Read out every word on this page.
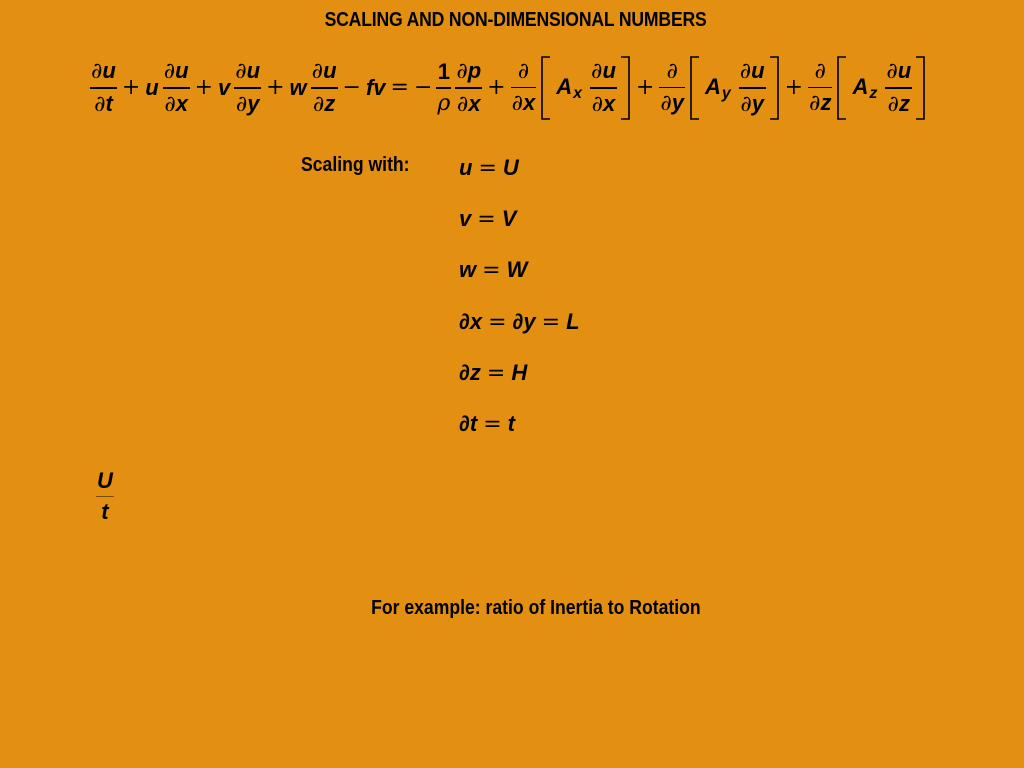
SCALING AND NON-DIMENSIONAL NUMBERS
$\frac{\partial u}{\partial t} + u \frac{\partial u}{\partial x} + v \frac{\partial u}{\partial y} + w \frac{\partial u}{\partial z}$ − fv = − $\frac{1}{\rho} \frac{\partial p}{\partial x} + \frac{\partial}{\partial x} A_x \frac{\partial u}{\partial x} + \frac{\partial}{\partial y} A_y \frac{\partial u}{\partial y} + \frac{\partial}{\partial z} A_z \frac{\partial u}{\partial z}$
Scaling with: u = U
v = V
w = W
∂x = ∂y = L
∂z = H
∂t = t
$\frac{U}{t}$
For example: ratio of Inertia to Rotation
